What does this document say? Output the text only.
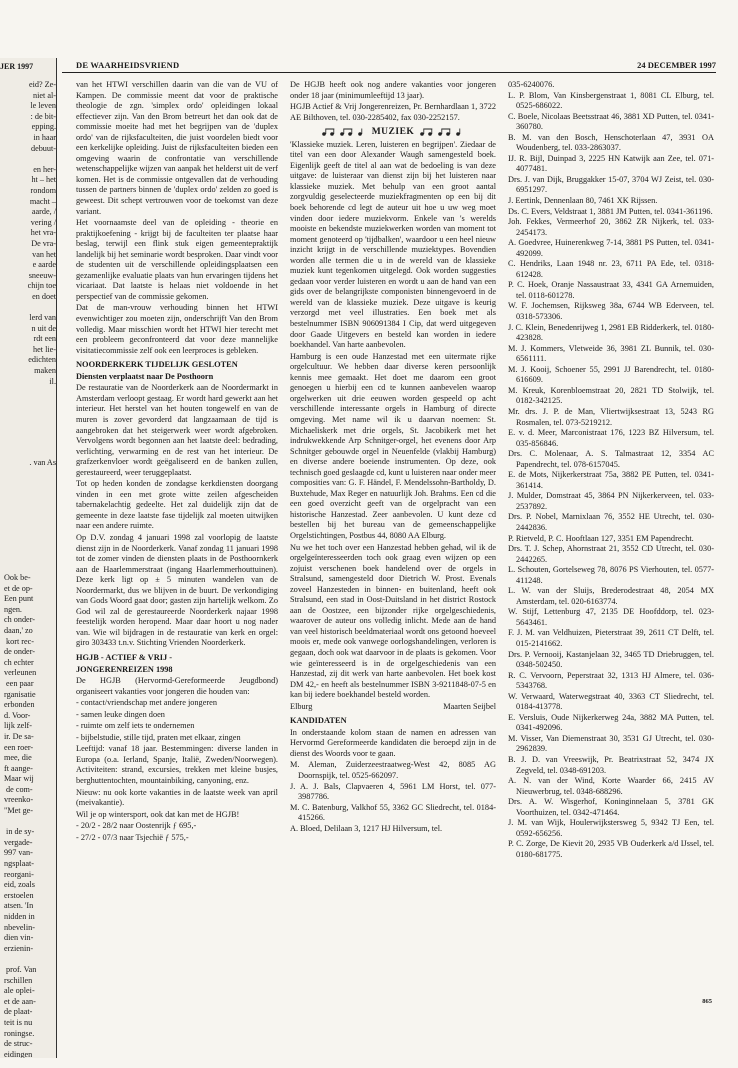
JER 1997
eid? Ze-
niet al-
le leven
: de bit-
epping.
in haar
debuut-

en her-
ht – het
rondom
macht –
aarde, /
vering /
het vra-
De vra-
van het
e aarde
sneeuw-
chijn toe
en doet

lerd van
n uit de
rdt een
het lie-
edichten
maken
il.
. van As
Ook be-
et de op-
Een punt
ngen.
ch onder-
daan,' zo
kort rec-
de onder-
ch echter
verleunen
een paar
rganisatie
erbonden
d. Voor-
lijk zelf-
ir. De sa-
een roer-
mee, die
ft aange-
Maar wij
de com-
vreenko-
"Met ge-

in de sy-
vergade-
997 van-
ngsplaat-
reorgani-
eid, zoals
erstoelen
atsen. 'In
nidden in
nbevelin-
dien vin-
erzienin-

prof. Van
rschillen
ale oplei-
et de aan-
de plaat-
teit is nu
roningse.
de struc-
eidingen
DE WAARHEIDSVRIEND	24 DECEMBER 1997

van het HTWI verschillen daarin van die van de VU of Kampen. De commissie meent dat voor de praktische theologie de zgn. 'simplex ordo' opleidingen lokaal effectiever zijn. Van den Brom betreurt het dan ook dat de commissie moeite had met het begrijpen van de 'duplex ordo' van de rijksfaculteiten, die juist voordelen biedt voor een kerkelijke opleiding. Juist de rijksfaculteiten bieden een omgeving waarin de confrontatie van verschillende wetenschappelijke wijzen van aanpak het helderst uit de verf komen. Het is de commissie ontgevallen dat de verhouding tussen de partners binnen de 'duplex ordo' zelden zo goed is geweest. Dit schept vertrouwen voor de toekomst van deze variant.

Het voornaamste deel van de opleiding - theorie en praktijkoefening - krijgt bij de faculteiten ter plaatse haar beslag, terwijl een flink stuk eigen gemeentepraktijk landelijk bij het seminarie wordt besproken. Daar vindt voor de studenten uit de verschillende opleidingsplaatsen een gezamenlijke evaluatie plaats van hun ervaringen tijdens het vicariaat. Dat laatste is helaas niet voldoende in het perspectief van de commissie gekomen.

Dat de man-vrouw verhouding binnen het HTWI evenwichtiger zou moeten zijn, onderschrijft Van den Brom volledig. Maar misschien wordt het HTWI hier terecht met een probleem geconfronteerd dat voor deze mannelijke visitatiecommissie zelf ook een leerproces is gebleken.

NOORDERKERK TIJDELIJK GESLOTEN

Diensten verplaatst naar De Posthoorn

De restauratie van de Noorderkerk aan de Noordermarkt in Amsterdam verloopt gestaag. Er wordt hard gewerkt aan het interieur. Het herstel van het houten tongewelf en van de muren is zover gevorderd dat langzaamaan de tijd is aangebroken dat het steigerwerk weer wordt afgebroken. Vervolgens wordt begonnen aan het laatste deel: bedrading, verlichting, verwarming en de rest van het interieur. De grafzerkenvloer wordt geëgaliseerd en de banken zullen, gerestaureerd, weer teruggeplaatst.

Tot op heden konden de zondagse kerkdiensten doorgang vinden in een met grote witte zeilen afgescheiden tabernakelachtig gedeelte. Het zal duidelijk zijn dat de gemeente in deze laatste fase tijdelijk zal moeten uitwijken naar een andere ruimte.

Op D.V. zondag 4 januari 1998 zal voorlopig de laatste dienst zijn in de Noorderkerk. Vanaf zondag 11 januari 1998 tot de zomer vinden de diensten plaats in de Posthoornkerk aan de Haarlemmerstraat (ingang Haarlemmerhouttuinen). Deze kerk ligt op ± 5 minuten wandelen van de Noordermarkt, dus we blijven in de buurt. De verkondiging van Gods Woord gaat door; gasten zijn hartelijk welkom. Zo God wil zal de gerestaureerde Noorderkerk najaar 1998 feestelijk worden heropend. Maar daar hoort u nog nader van. Wie wil bijdragen in de restauratie van kerk en orgel: giro 303433 t.n.v. Stichting Vrienden Noorderkerk.

HGJB - ACTIEF & VRIJ -

JONGERENREIZEN 1998

De HGJB (Hervormd-Gereformeerde Jeugdbond) organiseert vakanties voor jongeren die houden van:

- contact/vriendschap met andere jongeren

- samen leuke dingen doen

- ruimte om zelf iets te ondernemen

- bijbelstudie, stille tijd, praten met elkaar, zingen

Leeftijd: vanaf 18 jaar. Bestemmingen: diverse landen in Europa (o.a. Ierland, Spanje, Italië, Zweden/Noorwegen). Activiteiten: strand, excursies, trekken met kleine busjes, berghuttentochten, mountainbiking, canyoning, enz.

Nieuw: nu ook korte vakanties in de laatste week van april (meivakantie).

Wil je op wintersport, ook dat kan met de HGJB!

- 20/2 - 28/2 naar Oostenrijk ƒ 695,-

- 27/2 - 07/3 naar Tsjechië ƒ 575,-

De HGJB heeft ook nog andere vakanties voor jongeren onder 18 jaar (minimumleeftijd 13 jaar).

HGJB Actief & Vrij Jongerenreizen, Pr. Bernhardlaan 1, 3722 AE Bilthoven, tel. 030-2285402, fax 030-2252157.

MUZIEK

'Klassieke muziek. Leren, luisteren en begrijpen'. Ziedaar de titel van een door Alexander Waugh samengesteld boek. Eigenlijk geeft de titel al aan wat de bedoeling is van deze uitgave: de luisteraar van dienst zijn bij het luisteren naar klassieke muziek. Met behulp van een groot aantal zorgvuldig geselecteerde muziekfragmenten op een bij dit boek behorende cd legt de auteur uit hoe u uw weg moet vinden door iedere muziekvorm. Enkele van 's werelds mooiste en bekendste muziekwerken worden van moment tot moment genoteerd op 'tijdbalken', waardoor u een heel nieuw inzicht krijgt in de verschillende muziektypes. Bovendien worden alle termen die u in de wereld van de klassieke muziek kunt tegenkomen uitgelegd. Ook worden suggesties gedaan voor verder luisteren en wordt u aan de hand van een gids over de belangrijkste componisten binnengevoerd in de wereld van de klassieke muziek. Deze uitgave is keurig verzorgd met veel illustraties. Een boek met als bestelnummer ISBN 906091384 I Cip, dat werd uitgegeven door Gaade Uitgevers en besteld kan worden in iedere boekhandel. Van harte aanbevolen.

Hamburg is een oude Hanzestad met een uitermate rijke orgelcultuur. We hebben daar diverse keren persoonlijk kennis mee gemaakt. Het doet me daarom een groot genoegen u hierbij een cd te kunnen aanbevelen waarop orgelwerken uit drie eeuwen worden gespeeld op acht verschillende interessante orgels in Hamburg of directe omgeving. Met name wil ik u daarvan noemen: St. Michaeliskerk met drie orgels, St. Jacobikerk met het indrukwekkende Arp Schnitger-orgel, het evenens door Arp Schnitger gebouwde orgel in Neuenfelde (vlakbij Hamburg) en diverse andere boeiende instrumenten. Op deze, ook technisch goed geslaagde cd, kunt u luisteren naar onder meer composities van: G. F. Händel, F. Mendelssohn-Bartholdy, D. Buxtehude, Max Reger en natuurlijk Joh. Brahms. Een cd die een goed overzicht geeft van de orgelpracht van een historische Hanzestad. Zeer aanbevolen. U kunt deze cd bestellen bij het bureau van de gemeenschappelijke Orgelstichtingen, Postbus 44, 8080 AA Elburg.

Nu we het toch over een Hanzestad hebben gehad, wil ik de orgelgeïnteresseerden toch ook graag even wijzen op een zojuist verschenen boek handelend over de orgels in Stralsund, samengesteld door Dietrich W. Prost. Evenals zoveel Hanzesteden in binnen- en buitenland, heeft ook Stralsund, een stad in Oost-Duitsland in het district Rostock aan de Oostzee, een bijzonder rijke orgelgeschiedenis, waarover de auteur ons volledig inlicht. Mede aan de hand van veel historisch beeldmateriaal wordt ons getoond hoeveel moois er, mede ook vanwege oorlogshandelingen, verloren is gegaan, doch ook wat daarvoor in de plaats is gekomen. Voor wie geïnteresseerd is in de orgelgeschiedenis van een Hanzestad, zij dit werk van harte aanbevolen. Het boek kost DM 42,- en heeft als bestelnummer ISBN 3-9211848-07-5 en kan bij iedere boekhandel besteld worden.

Elburg	Maarten Seijbel

KANDIDATEN

In onderstaande kolom staan de namen en adressen van Hervormd Gereformeerde kandidaten die beroepd zijn in de dienst des Woords voor te gaan.

M. Aleman, Zuiderzeestraatweg-West 42, 8085 AG Doornspijk, tel. 0525-662097.

J. A. J. Bals, Clapvaeren 4, 5961 LM Horst, tel. 077-3987786.

M. C. Batenburg, Valkhof 55, 3362 GC Sliedrecht, tel. 0184-415266.

A. Bloed, Delilaan 3, 1217 HJ Hilversum, tel.

035-6240076.

L. P. Blom, Van Kinsbergenstraat 1, 8081 CL Elburg, tel. 0525-686022.

C. Boele, Nicolaas Beetsstraat 46, 3881 XD Putten, tel. 0341-360780.

B. M. van den Bosch, Henschoterlaan 47, 3931 OA Woudenberg, tel. 033-2863037.

IJ. R. Bijl, Duinpad 3, 2225 HN Katwijk aan Zee, tel. 071-4077481.

Drs. J. van Dijk, Bruggakker 15-07, 3704 WJ Zeist, tel. 030-6951297.

J. Eertink, Dennenlaan 80, 7461 XK Rijssen.

Ds. C. Evers, Veldstraat 1, 3881 JM Putten, tel. 0341-361196.

Joh. Fekkes, Vermeerhof 20, 3862 ZR Nijkerk, tel. 033-2454173.

A. Goedvree, Huinerenkweg 7-14, 3881 PS Putten, tel. 0341-492099.

C. Hendriks, Laan 1948 nr. 23, 6711 PA Ede, tel. 0318-612428.

P. C. Hoek, Oranje Nassaustraat 33, 4341 GA Arnemuiden, tel. 0118-601278.

W. F. Jochemsen, Rijksweg 38a, 6744 WB Ederveen, tel. 0318-573306.

J. C. Klein, Benedenrijweg 1, 2981 EB Ridderkerk, tel. 0180-423828.

M. J. Kommers, Vletweide 36, 3981 ZL Bunnik, tel. 030-6561111.

M. J. Kooij, Schoener 55, 2991 JJ Barendrecht, tel. 0180-616609.

M. Kreuk, Korenbloemstraat 20, 2821 TD Stolwijk, tel. 0182-342125.

Mr. drs. J. P. de Man, Vliertwijksestraat 13, 5243 RG Rosmalen, tel. 073-5219212.

E. v. d. Meer, Marconistraat 176, 1223 BZ Hilversum, tel. 035-856846.

Drs. C. Molenaar, A. S. Talmastraat 12, 3354 AC Papendrecht, tel. 078-6157045.

E. de Mots, Nijkerkerstraat 75a, 3882 PE Putten, tel. 0341-361414.

J. Mulder, Domstraat 45, 3864 PN Nijkerkerveen, tel. 033-2537892.

Drs. P. Nobel, Marnixlaan 76, 3552 HE Utrecht, tel. 030-2442836.

P. Rietveld, P. C. Hooftlaan 127, 3351 EM Papendrecht.

Drs. T. J. Schep, Ahornstraat 21, 3552 CD Utrecht, tel. 030-2442265.

L. Schouten, Gortelseweg 78, 8076 PS Vierhouten, tel. 0577-411248.

L. W. van der Sluijs, Brederodestraat 48, 2054 MX Amsterdam, tel. 020-6163774.

W. Stijf, Lettenburg 47, 2135 DE Hoofddorp, tel. 023-5643461.

F. J. M. van Veldhuizen, Pieterstraat 39, 2611 CT Delft, tel. 015-2141662.

Drs. P. Vernooij, Kastanjelaan 32, 3465 TD Driebruggen, tel. 0348-502450.

R. C. Vervoorn, Peperstraat 32, 1313 HJ Almere, tel. 036-5343768.

W. Verwaard, Waterwegstraat 40, 3363 CT Sliedrecht, tel. 0184-413778.

E. Versluis, Oude Nijkerkerweg 24a, 3882 MA Putten, tel. 0341-492096.

M. Visser, Van Diemenstraat 30, 3531 GJ Utrecht, tel. 030-2962839.

B. J. D. van Vreeswijk, Pr. Beatrixstraat 52, 3474 JX Zegveld, tel. 0348-691203.

A. N. van der Wind, Korte Waarder 66, 2415 AV Nieuwerbrug, tel. 0348-688296.

Drs. A. W. Wisgerhof, Koninginnelaan 5, 3781 GK Voorthuizen, tel. 0342-471464.

J. M. van Wijk, Houlerwijkstersweg 5, 9342 TJ Een, tel. 0592-656256.

P. C. Zorge, De Kievit 20, 2935 VB Ouderkerk a/d IJssel, tel. 0180-681775.

865
